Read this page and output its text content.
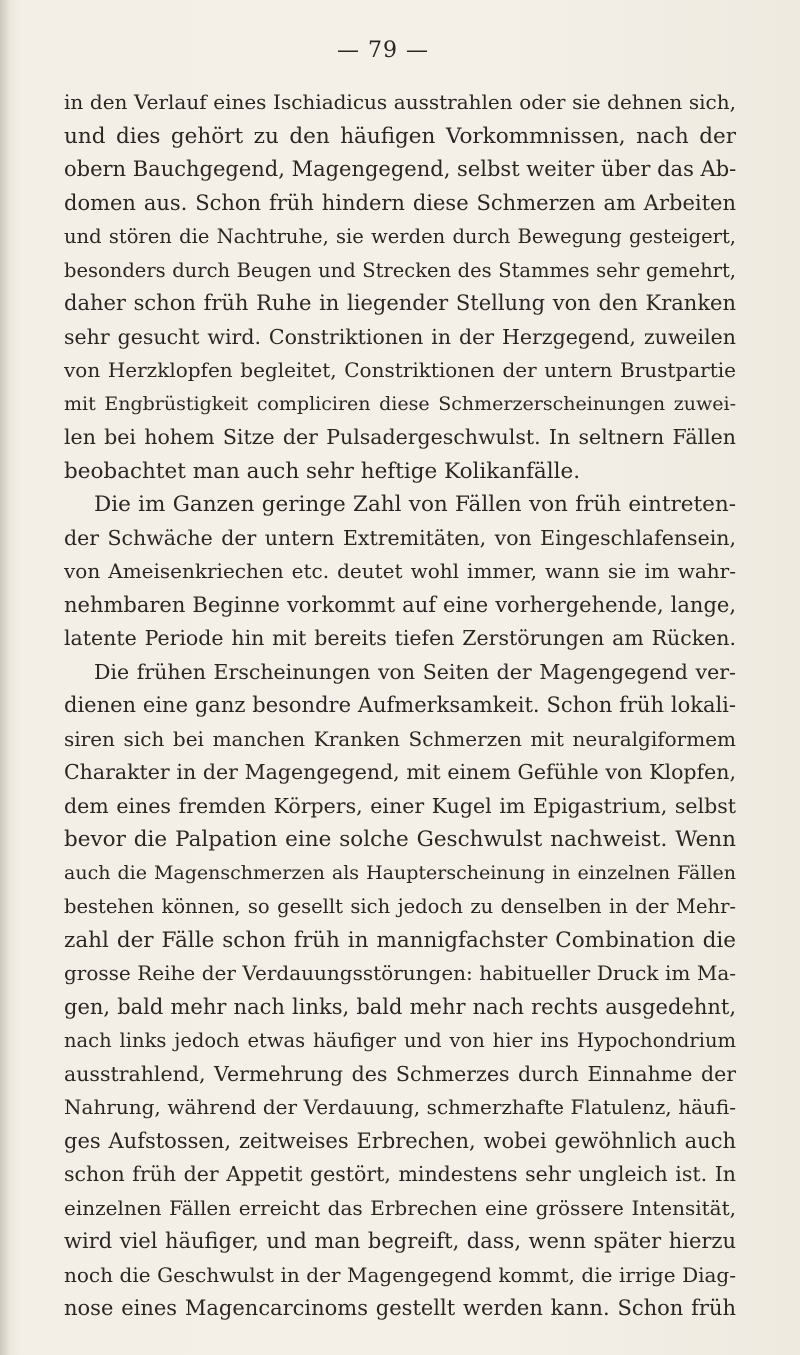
— 79 —
in den Verlauf eines Ischiadicus ausstrahlen oder sie dehnen sich,
und dies gehört zu den häufigen Vorkommnissen, nach der
obern Bauchgegend, Magengegend, selbst weiter über das Ab-
domen aus. Schon früh hindern diese Schmerzen am Arbeiten
und stören die Nachtruhe, sie werden durch Bewegung gesteigert,
besonders durch Beugen und Strecken des Stammes sehr gemehrt,
daher schon früh Ruhe in liegender Stellung von den Kranken
sehr gesucht wird. Constriktionen in der Herzgegend, zuweilen
von Herzklopfen begleitet, Constriktionen der untern Brustpartie
mit Engbrüstigkeit compliciren diese Schmerzerscheinungen zuwei-
len bei hohem Sitze der Pulsadergeschwulst. In seltnern Fällen
beobachtet man auch sehr heftige Kolikanfälle.
Die im Ganzen geringe Zahl von Fällen von früh eintreten-
der Schwäche der untern Extremitäten, von Eingeschlafensein,
von Ameisenkriechen etc. deutet wohl immer, wann sie im wahr-
nehmbaren Beginne vorkommt auf eine vorhergehende, lange,
latente Periode hin mit bereits tiefen Zerstörungen am Rücken.
Die frühen Erscheinungen von Seiten der Magengegend ver-
dienen eine ganz besondre Aufmerksamkeit. Schon früh lokali-
siren sich bei manchen Kranken Schmerzen mit neuralgiformem
Charakter in der Magengegend, mit einem Gefühle von Klopfen,
dem eines fremden Körpers, einer Kugel im Epigastrium, selbst
bevor die Palpation eine solche Geschwulst nachweist. Wenn
auch die Magenschmerzen als Haupterscheinung in einzelnen Fällen
bestehen können, so gesellt sich jedoch zu denselben in der Mehr-
zahl der Fälle schon früh in mannigfachster Combination die
grosse Reihe der Verdauungsstörungen: habitueller Druck im Ma-
gen, bald mehr nach links, bald mehr nach rechts ausgedehnt,
nach links jedoch etwas häufiger und von hier ins Hypochondrium
ausstrahlend, Vermehrung des Schmerzes durch Einnahme der
Nahrung, während der Verdauung, schmerzhafte Flatulenz, häufi-
ges Aufstossen, zeitweises Erbrechen, wobei gewöhnlich auch
schon früh der Appetit gestört, mindestens sehr ungleich ist. In
einzelnen Fällen erreicht das Erbrechen eine grössere Intensität,
wird viel häufiger, und man begreift, dass, wenn später hierzu
noch die Geschwulst in der Magengegend kommt, die irrige Diag-
nose eines Magencarcinoms gestellt werden kann. Schon früh
